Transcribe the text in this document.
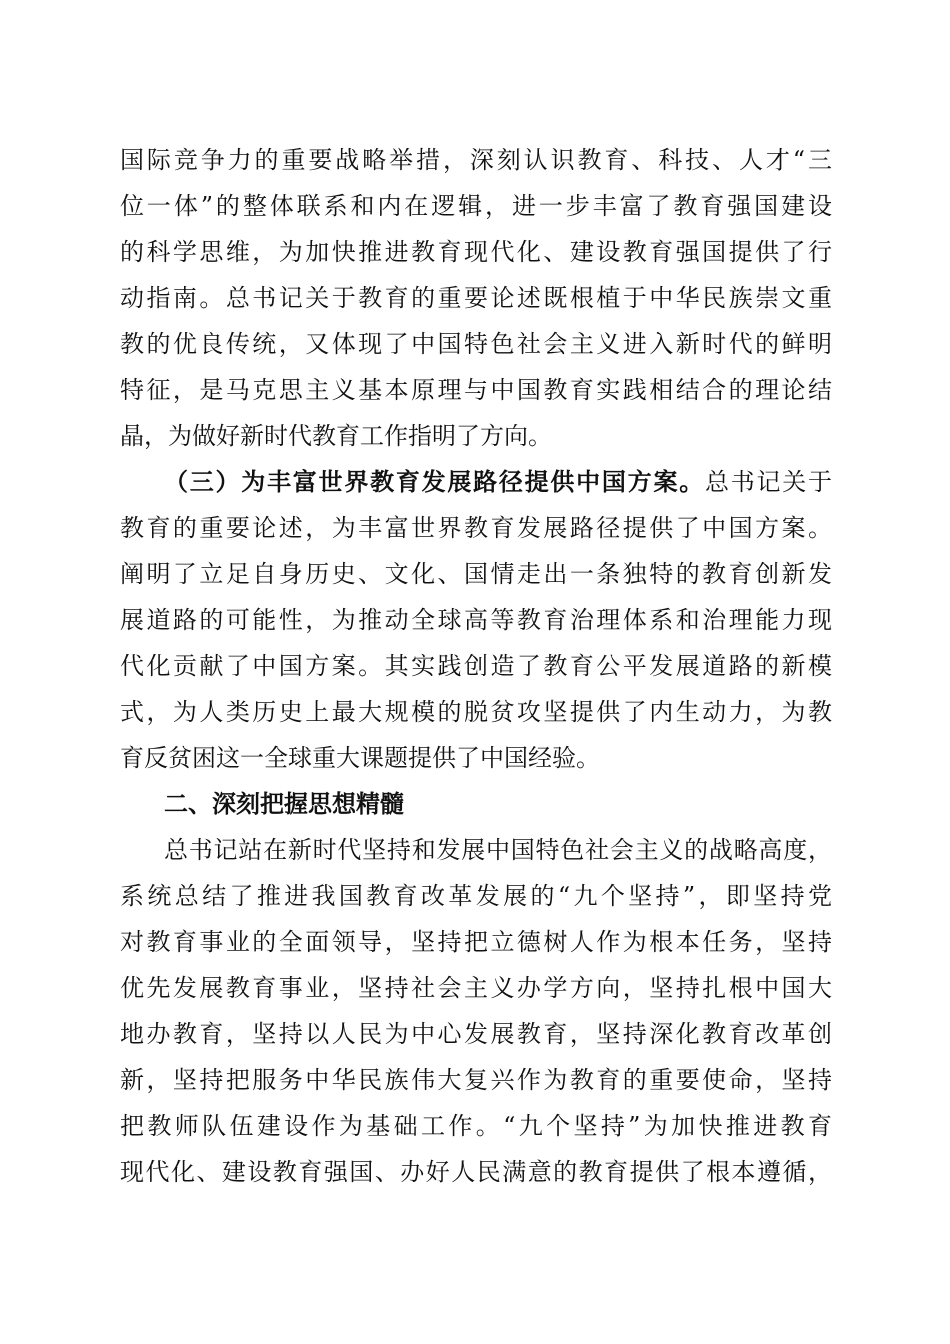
国际竞争力的重要战略举措，深刻认识教育、科技、人才“三
位一体”的整体联系和内在逻辑，进一步丰富了教育强国建设
的科学思维，为加快推进教育现代化、建设教育强国提供了行
动指南。总书记关于教育的重要论述既根植于中华民族崇文重
教的优良传统，又体现了中国特色社会主义进入新时代的鲜明
特征，是马克思主义基本原理与中国教育实践相结合的理论结
晶，为做好新时代教育工作指明了方向。
（三）为丰富世界教育发展路径提供中国方案。总书记关于
教育的重要论述，为丰富世界教育发展路径提供了中国方案。
阐明了立足自身历史、文化、国情走出一条独特的教育创新发
展道路的可能性，为推动全球高等教育治理体系和治理能力现
代化贡献了中国方案。其实践创造了教育公平发展道路的新模
式，为人类历史上最大规模的脱贫攻坚提供了内生动力，为教
育反贫困这一全球重大课题提供了中国经验。
二、深刻把握思想精髓
总书记站在新时代坚持和发展中国特色社会主义的战略高度，
系统总结了推进我国教育改革发展的“九个坚持”，即坚持党
对教育事业的全面领导，坚持把立德树人作为根本任务，坚持
优先发展教育事业，坚持社会主义办学方向，坚持扎根中国大
地办教育，坚持以人民为中心发展教育，坚持深化教育改革创
新，坚持把服务中华民族伟大复兴作为教育的重要使命，坚持
把教师队伍建设作为基础工作。“九个坚持”为加快推进教育
现代化、建设教育强国、办好人民满意的教育提供了根本遵循，
